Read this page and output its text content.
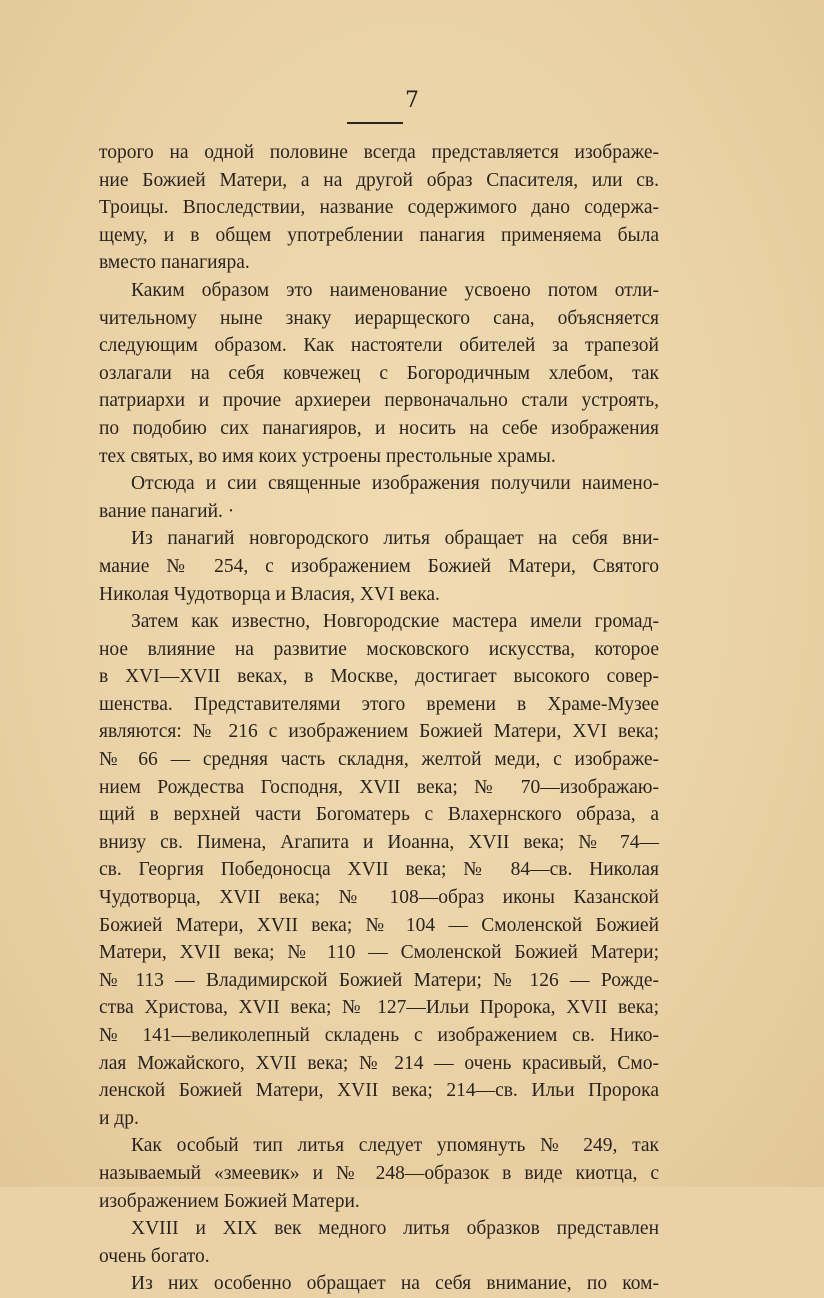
7
торого на одной половине всегда представляется изображе-
ние Божией Матери, а на другой образ Спасителя, или св.
Троицы. Впоследствии, название содержимого дано содержа-
щему, и в общем употреблении панагия применяема была
вместо панагияра.
Каким образом это наименование усвоено потом отли-
чительному ныне знаку иерарщеского сана, объясняется
следующим образом. Как настоятели обителей за трапезой
озлагали на себя ковчежец с Богородичным хлебом, так
патриархи и прочие архиереи первоначально стали устроять,
по подобию сих панагияров, и носить на себе изображения
тех святых, во имя коих устроены престольные храмы.
Отсюда и сии священные изображения получили наимено-
вание панагий. ·
Из панагий новгородского литья обращает на себя вни-
мание № 254, с изображением Божией Матери, Святого
Николая Чудотворца и Власия, XVI века.
Затем как известно, Новгородские мастера имели громад-
ное влияние на развитие московского искусства, которое
в XVI—XVII веках, в Москве, достигает высокого совер-
шенства. Представителями этого времени в Храме-Музее
являются: № 216 с изображением Божией Матери, XVI века;
№ 66 — средняя часть складня, желтой меди, с изображе-
нием Рождества Господня, XVII века; № 70—изображаю-
щий в верхней части Богоматерь с Влахернского образа, а
внизу св. Пимена, Агапита и Иоанна, XVII века; № 74—
св. Георгия Победоносца XVII века; № 84—св. Николая
Чудотворца, XVII века; № 108—образ иконы Казанской
Божией Матери, XVII века; № 104 — Смоленской Божией
Матери, XVII века; № 110 — Смоленской Божией Матери;
№ 113 — Владимирской Божией Матери; № 126 — Рожде-
ства Христова, XVII века; № 127—Ильи Пророка, XVII века;
№ 141—великолепный складень с изображением св. Нико-
лая Можайского, XVII века; № 214 — очень красивый, Смо-
ленской Божией Матери, XVII века; 214—св. Ильи Пророка
и др.
Как особый тип литья следует упомянуть № 249, так
называемый «змеевик» и № 248—образок в виде киотца, с
изображением Божией Матери.
XVIII и XIX век медного литья образков представлен
очень богато.
Из них особенно обращает на себя внимание, по ком-
